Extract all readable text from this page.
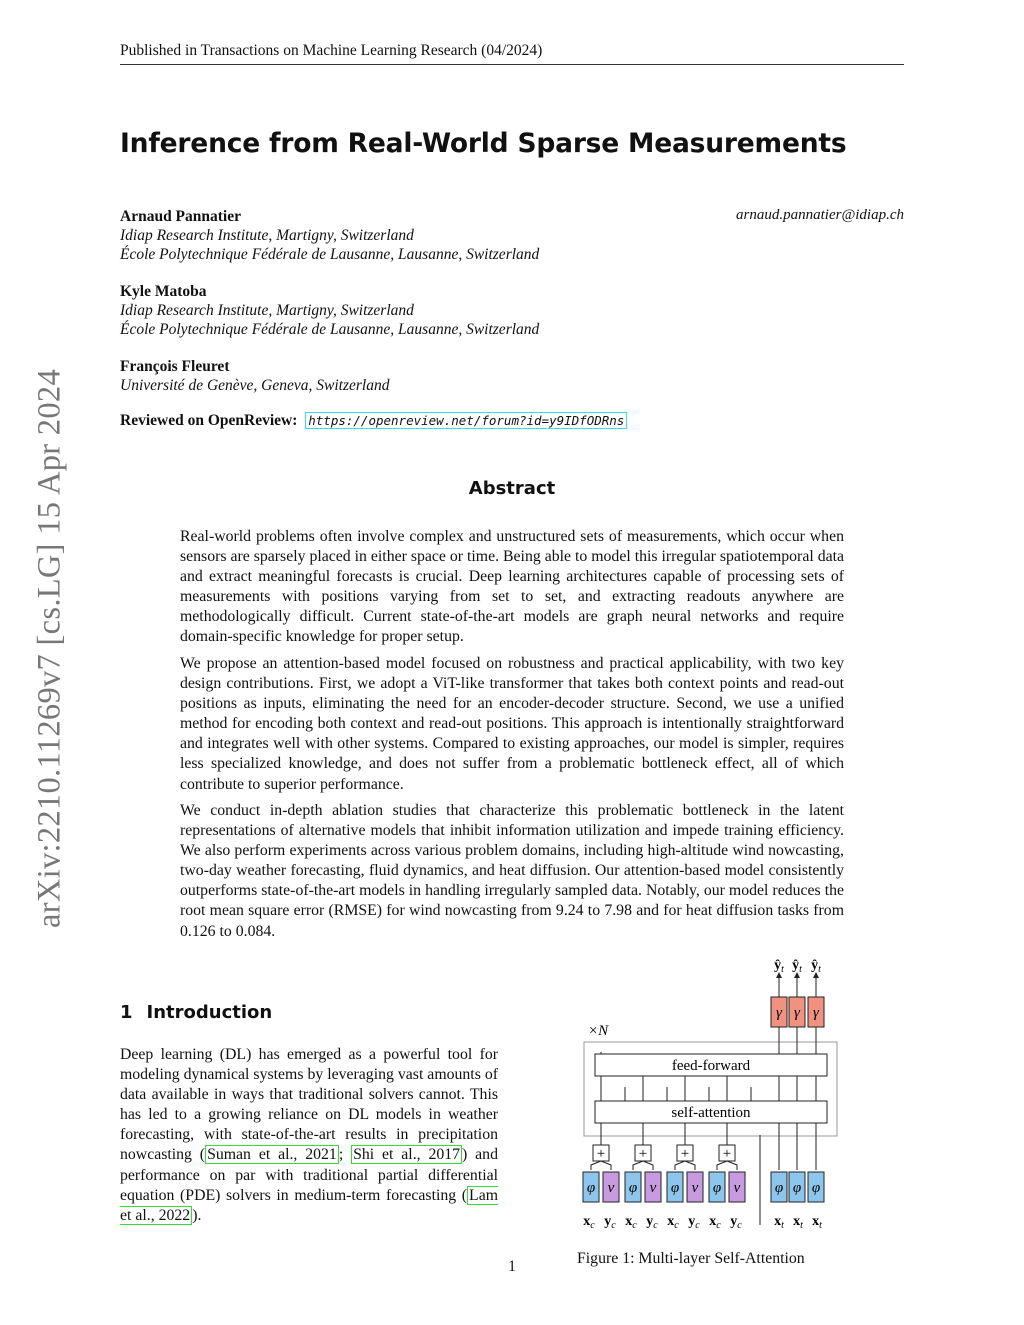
Published in Transactions on Machine Learning Research (04/2024)
arXiv:2210.11269v7 [cs.LG] 15 Apr 2024
Inference from Real-World Sparse Measurements
Arnaud Pannatier
Idiap Research Institute, Martigny, Switzerland
École Polytechnique Fédérale de Lausanne, Lausanne, Switzerland
arnaud.pannatier@idiap.ch
Kyle Matoba
Idiap Research Institute, Martigny, Switzerland
École Polytechnique Fédérale de Lausanne, Lausanne, Switzerland
François Fleuret
Université de Genève, Geneva, Switzerland
Reviewed on OpenReview: https://openreview.net/forum?id=y9IDfODRns
Abstract
Real-world problems often involve complex and unstructured sets of measurements, which occur when sensors are sparsely placed in either space or time. Being able to model this irregular spatiotemporal data and extract meaningful forecasts is crucial. Deep learning architectures capable of processing sets of measurements with positions varying from set to set, and extracting readouts anywhere are methodologically difficult. Current state-of-the-art models are graph neural networks and require domain-specific knowledge for proper setup.
We propose an attention-based model focused on robustness and practical applicability, with two key design contributions. First, we adopt a ViT-like transformer that takes both context points and read-out positions as inputs, eliminating the need for an encoder-decoder structure. Second, we use a unified method for encoding both context and read-out positions. This approach is intentionally straightforward and integrates well with other systems. Compared to existing approaches, our model is simpler, requires less specialized knowledge, and does not suffer from a problematic bottleneck effect, all of which contribute to superior performance.
We conduct in-depth ablation studies that characterize this problematic bottleneck in the latent representations of alternative models that inhibit information utilization and impede training efficiency. We also perform experiments across various problem domains, including high-altitude wind nowcasting, two-day weather forecasting, fluid dynamics, and heat diffusion. Our attention-based model consistently outperforms state-of-the-art models in handling irregularly sampled data. Notably, our model reduces the root mean square error (RMSE) for wind nowcasting from 9.24 to 7.98 and for heat diffusion tasks from 0.126 to 0.084.
1 Introduction
Deep learning (DL) has emerged as a powerful tool for modeling dynamical systems by leveraging vast amounts of data available in ways that traditional solvers cannot. This has led to a growing reliance on DL models in weather forecasting, with state-of-the-art results in precipitation nowcasting ( Suman et al., 2021 ; Shi et al., 2017 ) and performance on par with traditional partial differential equation (PDE) solvers in medium-term forecasting ( Lam et al., 2022 ).
×N
feed-forward
self-attention
+ + + +
φ ν φ ν φ ν φ ν φ φ φ
γ γ γ
$ŷ_t$ $ŷ_t$ $ŷ_t$
$x_c$ $y_c$ $x_c$ $y_c$ $x_c$ $y_c$ $x_c$ $y_c$ $x_t$ $x_t$ $x_t$
Figure 1: Multi-layer Self-Attention
1
